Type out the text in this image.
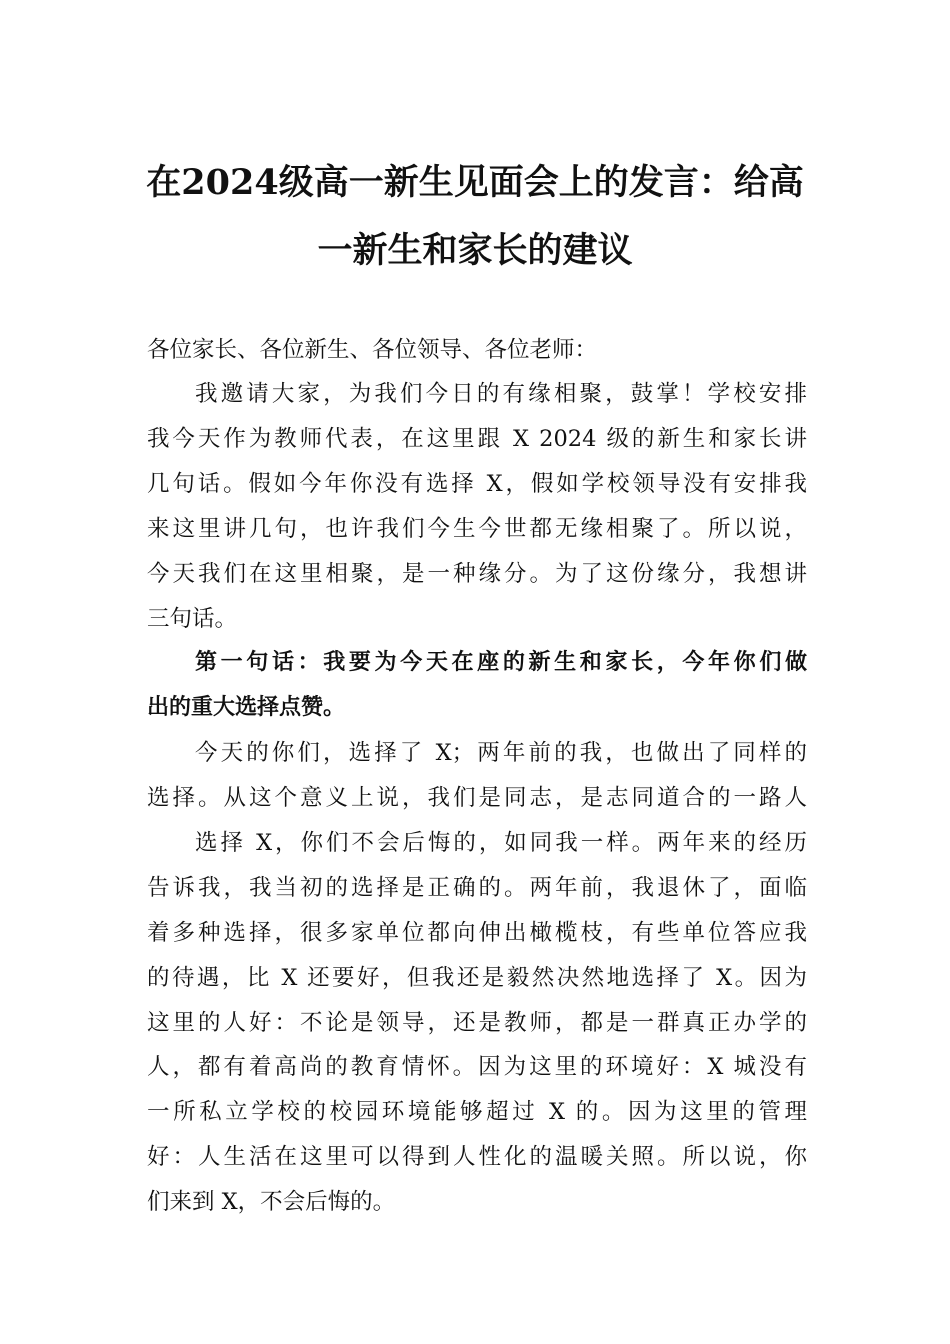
在2024级高一新生见面会上的发言：给高
一新生和家长的建议
各位家长、各位新生、各位领导、各位老师：
我邀请大家，为我们今日的有缘相聚，鼓掌！学校安排
我今天作为教师代表，在这里跟 X 2024 级的新生和家长讲
几句话。假如今年你没有选择 X，假如学校领导没有安排我
来这里讲几句，也许我们今生今世都无缘相聚了。所以说，
今天我们在这里相聚，是一种缘分。为了这份缘分，我想讲
三句话。
第一句话：我要为今天在座的新生和家长，今年你们做
出的重大选择点赞。
今天的你们，选择了 X；两年前的我，也做出了同样的
选择。从这个意义上说，我们是同志，是志同道合的一路人
选择 X，你们不会后悔的，如同我一样。两年来的经历
告诉我，我当初的选择是正确的。两年前，我退休了，面临
着多种选择，很多家单位都向伸出橄榄枝，有些单位答应我
的待遇，比 X 还要好，但我还是毅然决然地选择了 X。因为
这里的人好：不论是领导，还是教师，都是一群真正办学的
人，都有着高尚的教育情怀。因为这里的环境好：X 城没有
一所私立学校的校园环境能够超过 X 的。因为这里的管理
好：人生活在这里可以得到人性化的温暖关照。所以说，你
们来到 X，不会后悔的。
